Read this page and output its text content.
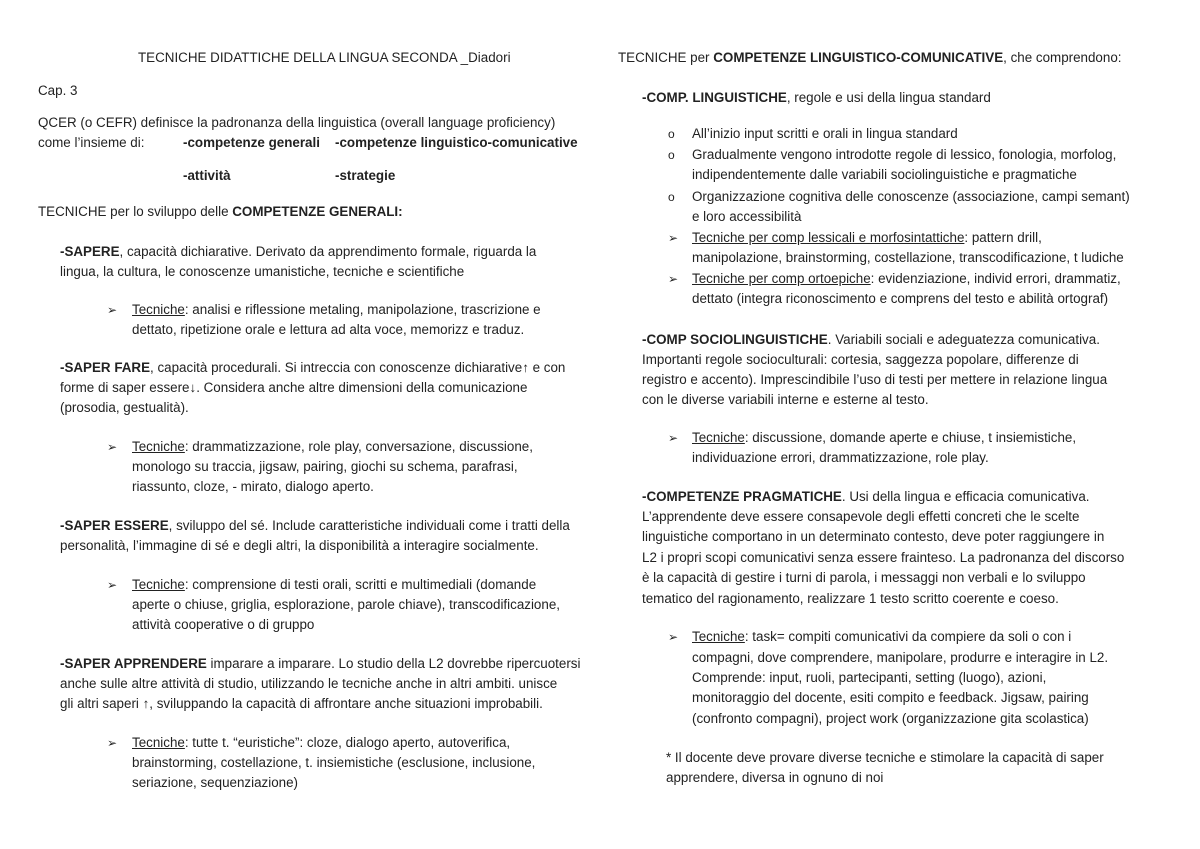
TECNICHE DIDATTICHE DELLA LINGUA SECONDA _Diadori
Cap. 3
QCER (o CEFR) definisce la padronanza della linguistica (overall language proficiency)
come l’insieme di:	-competenze generali -competenze linguistico-comunicative
-attività	-strategie
TECNICHE per lo sviluppo delle COMPETENZE GENERALI:
-SAPERE, capacità dichiarative. Derivato da apprendimento formale, riguarda la
lingua, la cultura, le conoscenze umanistiche, tecniche e scientifiche
➢ Tecniche: analisi e riflessione metaling, manipolazione, trascrizione e
dettato, ripetizione orale e lettura ad alta voce, memorizz e traduz.
-SAPER FARE, capacità procedurali. Si intreccia con conoscenze dichiarative↑ e con
forme di saper essere↓. Considera anche altre dimensioni della comunicazione
(prosodia, gestualità).
➢ Tecniche: drammatizzazione, role play, conversazione, discussione,
monologo su traccia, jigsaw, pairing, giochi su schema, parafrasi,
riassunto, cloze, - mirato, dialogo aperto.
-SAPER ESSERE, sviluppo del sé. Include caratteristiche individuali come i tratti della
personalità, l’immagine di sé e degli altri, la disponibilità a interagire socialmente.
➢ Tecniche: comprensione di testi orali, scritti e multimediali (domande
aperte o chiuse, griglia, esplorazione, parole chiave), transcodificazione,
attività cooperative o di gruppo
-SAPER APPRENDERE imparare a imparare. Lo studio della L2 dovrebbe ripercuotersi
anche sulle altre attività di studio, utilizzando le tecniche anche in altri ambiti. unisce
gli altri saperi ↑, sviluppando la capacità di affrontare anche situazioni improbabili.
➢ Tecniche: tutte t. “euristiche”: cloze, dialogo aperto, autoverifica,
brainstorming, costellazione, t. insiemistiche (esclusione, inclusione,
seriazione, sequenziazione)
TECNICHE per COMPETENZE LINGUISTICO-COMUNICATIVE, che comprendono:
-COMP. LINGUISTICHE, regole e usi della lingua standard
o All’inizio input scritti e orali in lingua standard
o Gradualmente vengono introdotte regole di lessico, fonologia, morfolog,
indipendentemente dalle variabili sociolinguistiche e pragmatiche
o Organizzazione cognitiva delle conoscenze (associazione, campi semant)
e loro accessibilità
➢ Tecniche per comp lessicali e morfosintattiche: pattern drill,
manipolazione, brainstorming, costellazione, transcodificazione, t ludiche
➢ Tecniche per comp ortoepiche: evidenziazione, individ errori, drammatiz,
dettato (integra riconoscimento e comprens del testo e abilità ortograf)
-COMP SOCIOLINGUISTICHE. Variabili sociali e adeguatezza comunicativa.
Importanti regole socioculturali: cortesia, saggezza popolare, differenze di
registro e accento). Imprescindibile l’uso di testi per mettere in relazione lingua
con le diverse variabili interne e esterne al testo.
➢ Tecniche: discussione, domande aperte e chiuse, t insiemistiche,
individuazione errori, drammatizzazione, role play.
-COMPETENZE PRAGMATICHE. Usi della lingua e efficacia comunicativa.
L’apprendente deve essere consapevole degli effetti concreti che le scelte
linguistiche comportano in un determinato contesto, deve poter raggiungere in
L2 i propri scopi comunicativi senza essere frainteso. La padronanza del discorso
è la capacità di gestire i turni di parola, i messaggi non verbali e lo sviluppo
tematico del ragionamento, realizzare 1 testo scritto coerente e coeso.
➢ Tecniche: task= compiti comunicativi da compiere da soli o con i
compagni, dove comprendere, manipolare, produrre e interagire in L2.
Comprende: input, ruoli, partecipanti, setting (luogo), azioni,
monitoraggio del docente, esiti compito e feedback. Jigsaw, pairing
(confronto compagni), project work (organizzazione gita scolastica)
* Il docente deve provare diverse tecniche e stimolare la capacità di saper
apprendere, diversa in ognuno di noi
